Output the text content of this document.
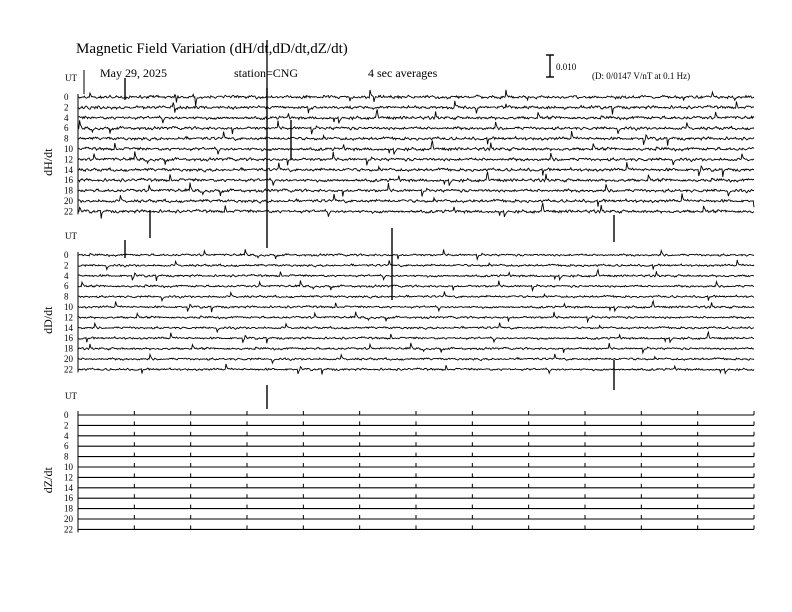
Magnetic Field Variation (dH/dt,dD/dt,dZ/dt)
May 29, 2025	station=CNG	4 sec averages	0.010
(D: 0/0147 V/nT at 0.1 Hz)
UT
dH/dt
0
2
4
6
8
10
12
14
16
18
20
22
UT
dD/dt
0
2
4
6
8
10
12
14
16
18
20
22
UT
dZ/dt
0
2
4
6
8
10
12
14
16
18
20
22
